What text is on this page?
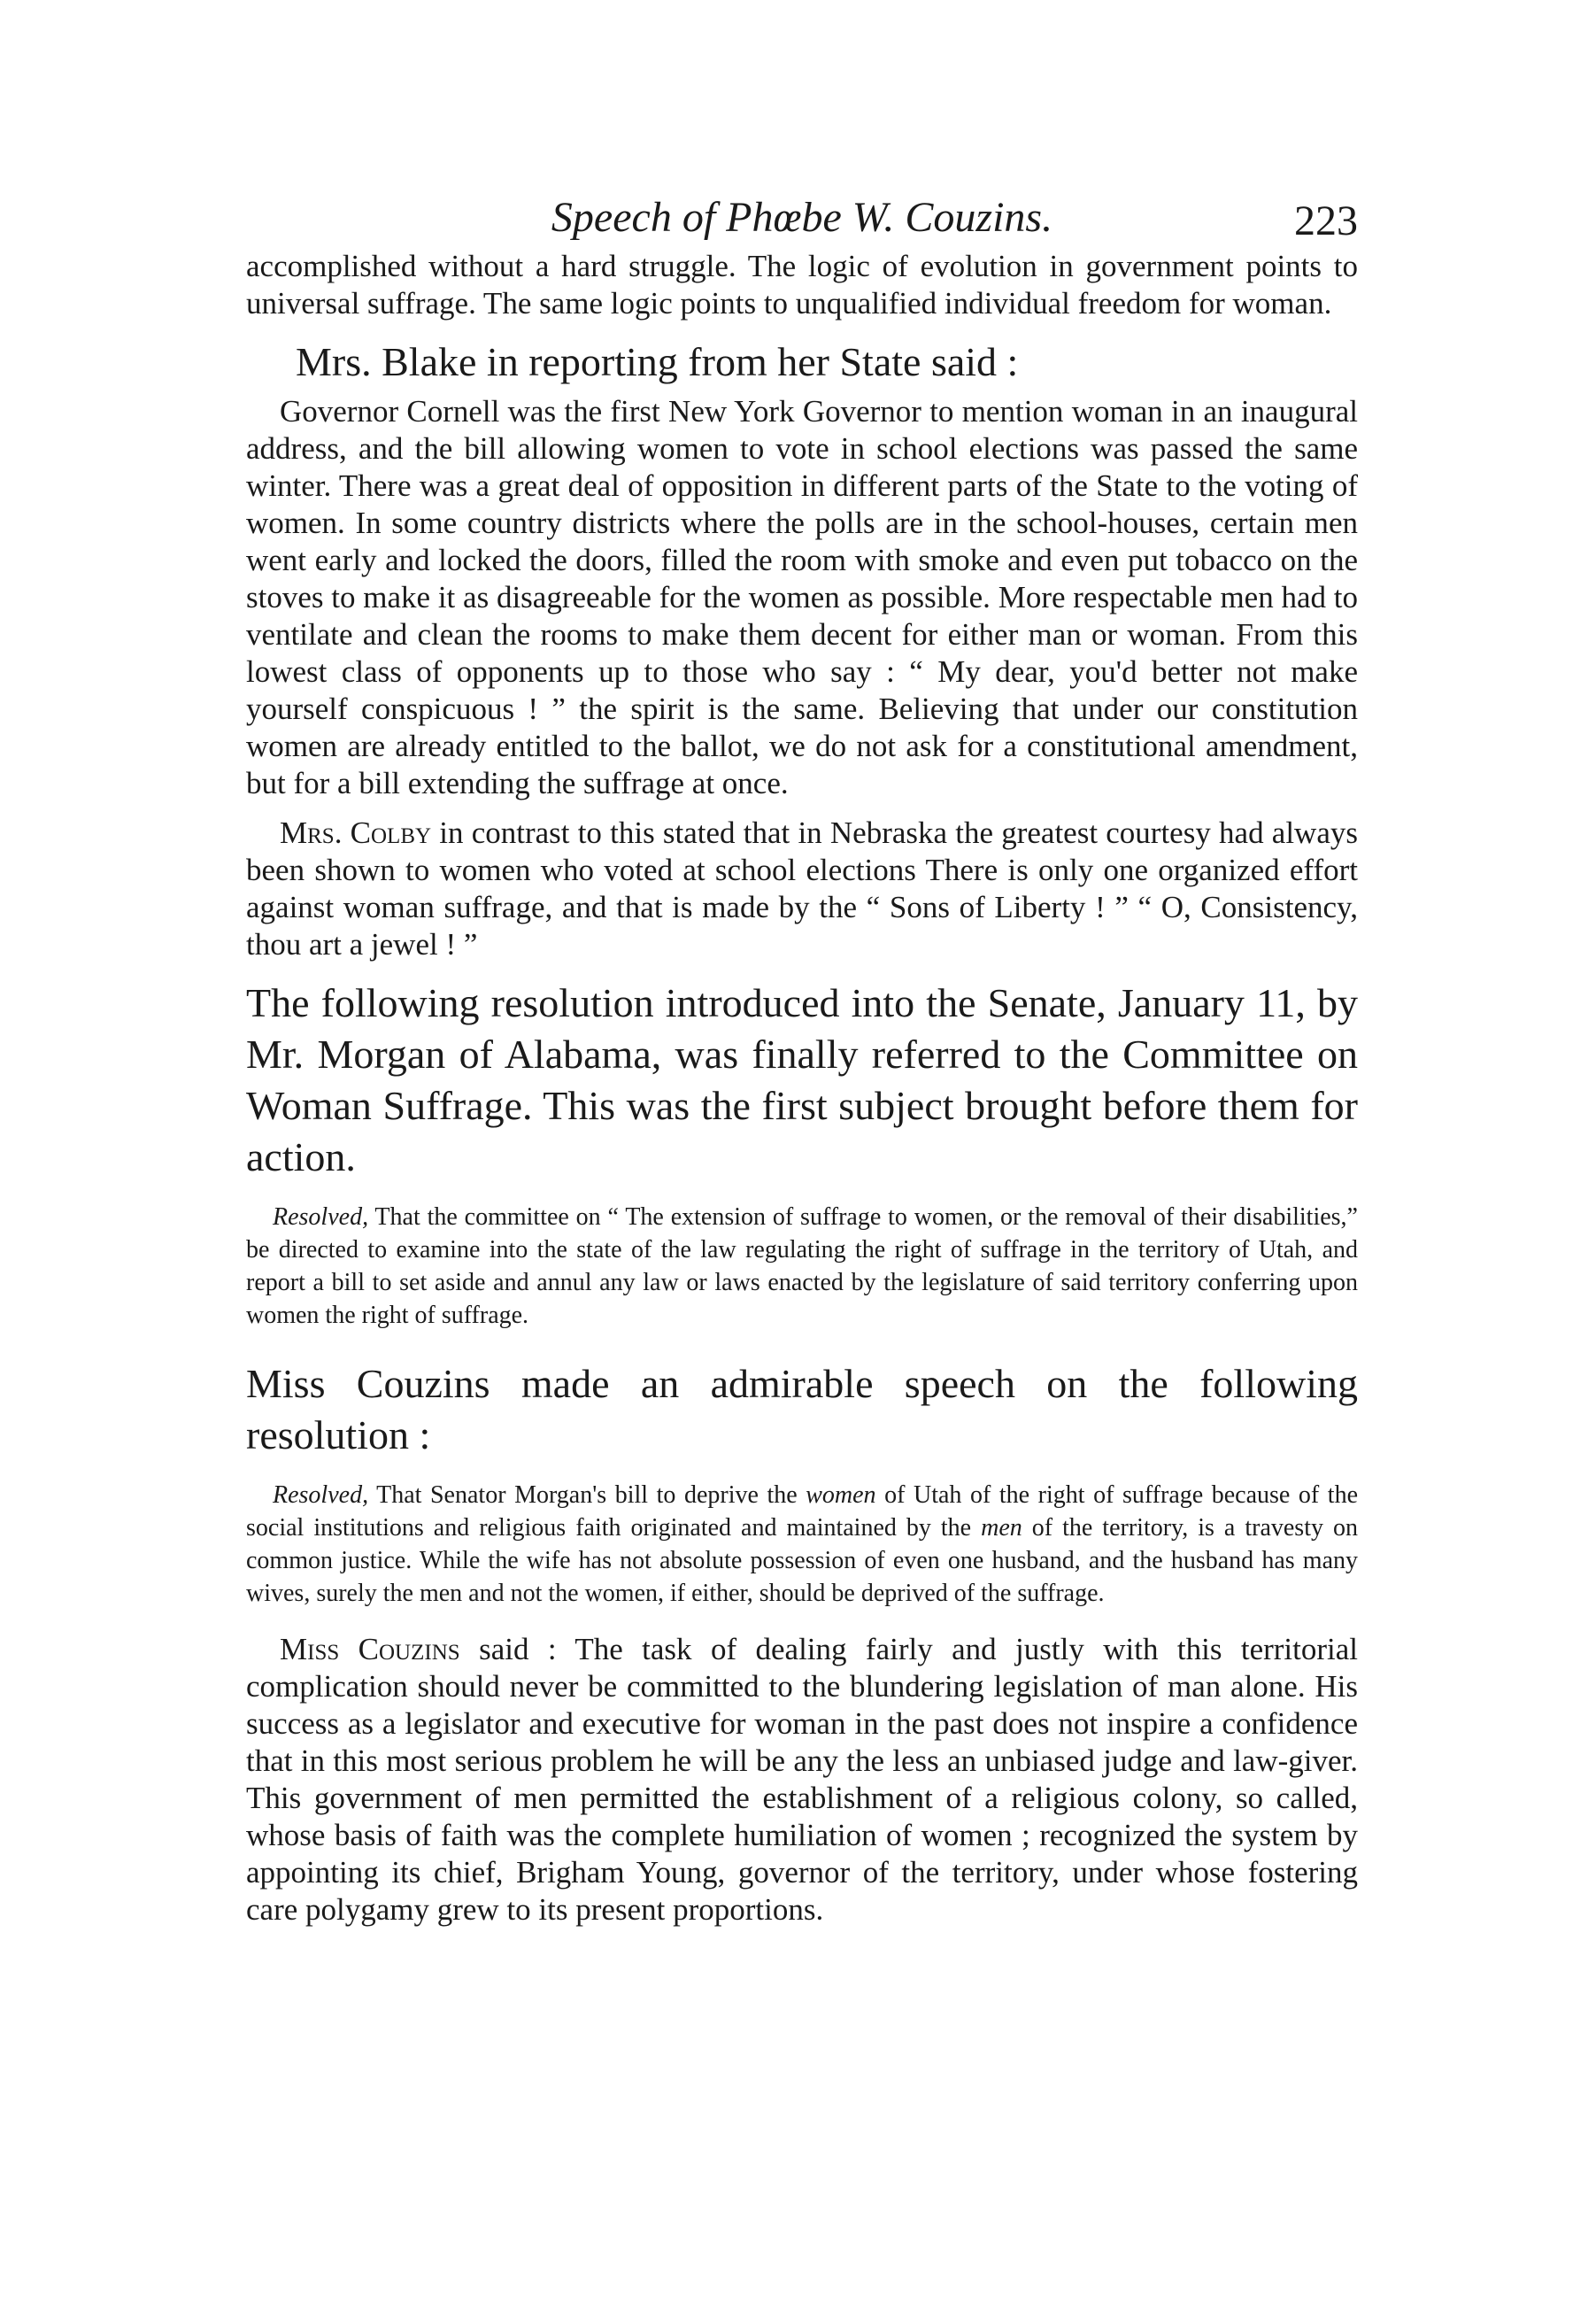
Speech of Phœbe W. Couzins.	223

accomplished without a hard struggle. The logic of evolution in government points to universal suffrage. The same logic points to unqualified individual freedom for woman.

Mrs. Blake in reporting from her State said :

Governor Cornell was the first New York Governor to mention woman in an inaugural address, and the bill allowing women to vote in school elections was passed the same winter. There was a great deal of opposition in different parts of the State to the voting of women. In some country districts where the polls are in the school-houses, certain men went early and locked the doors, filled the room with smoke and even put tobacco on the stoves to make it as disagreeable for the women as possible. More respectable men had to ventilate and clean the rooms to make them decent for either man or woman. From this lowest class of opponents up to those who say : “ My dear, you'd better not make yourself conspicuous ! ” the spirit is the same. Believing that under our constitution women are already entitled to the ballot, we do not ask for a constitutional amendment, but for a bill extending the suffrage at once.

Mrs. Colby in contrast to this stated that in Nebraska the greatest courtesy had always been shown to women who voted at school elections There is only one organized effort against woman suffrage, and that is made by the “ Sons of Liberty ! ” “ O, Consistency, thou art a jewel ! ”

The following resolution introduced into the Senate, January 11, by Mr. Morgan of Alabama, was finally referred to the Committee on Woman Suffrage. This was the first subject brought before them for action.

Resolved, That the committee on “ The extension of suffrage to women, or the removal of their disabilities,” be directed to examine into the state of the law regulating the right of suffrage in the territory of Utah, and report a bill to set aside and annul any law or laws enacted by the legislature of said territory conferring upon women the right of suffrage.

Miss Couzins made an admirable speech on the following resolution :

Resolved, That Senator Morgan's bill to deprive the women of Utah of the right of suffrage because of the social institutions and religious faith originated and maintained by the men of the territory, is a travesty on common justice. While the wife has not absolute possession of even one husband, and the husband has many wives, surely the men and not the women, if either, should be deprived of the suffrage.

Miss Couzins said : The task of dealing fairly and justly with this territorial complication should never be committed to the blundering legislation of man alone. His success as a legislator and executive for woman in the past does not inspire a confidence that in this most serious problem he will be any the less an unbiased judge and law-giver. This government of men permitted the establishment of a religious colony, so called, whose basis of faith was the complete humiliation of women ; recognized the system by appointing its chief, Brigham Young, governor of the territory, under whose fostering care polygamy grew to its present proportions.
